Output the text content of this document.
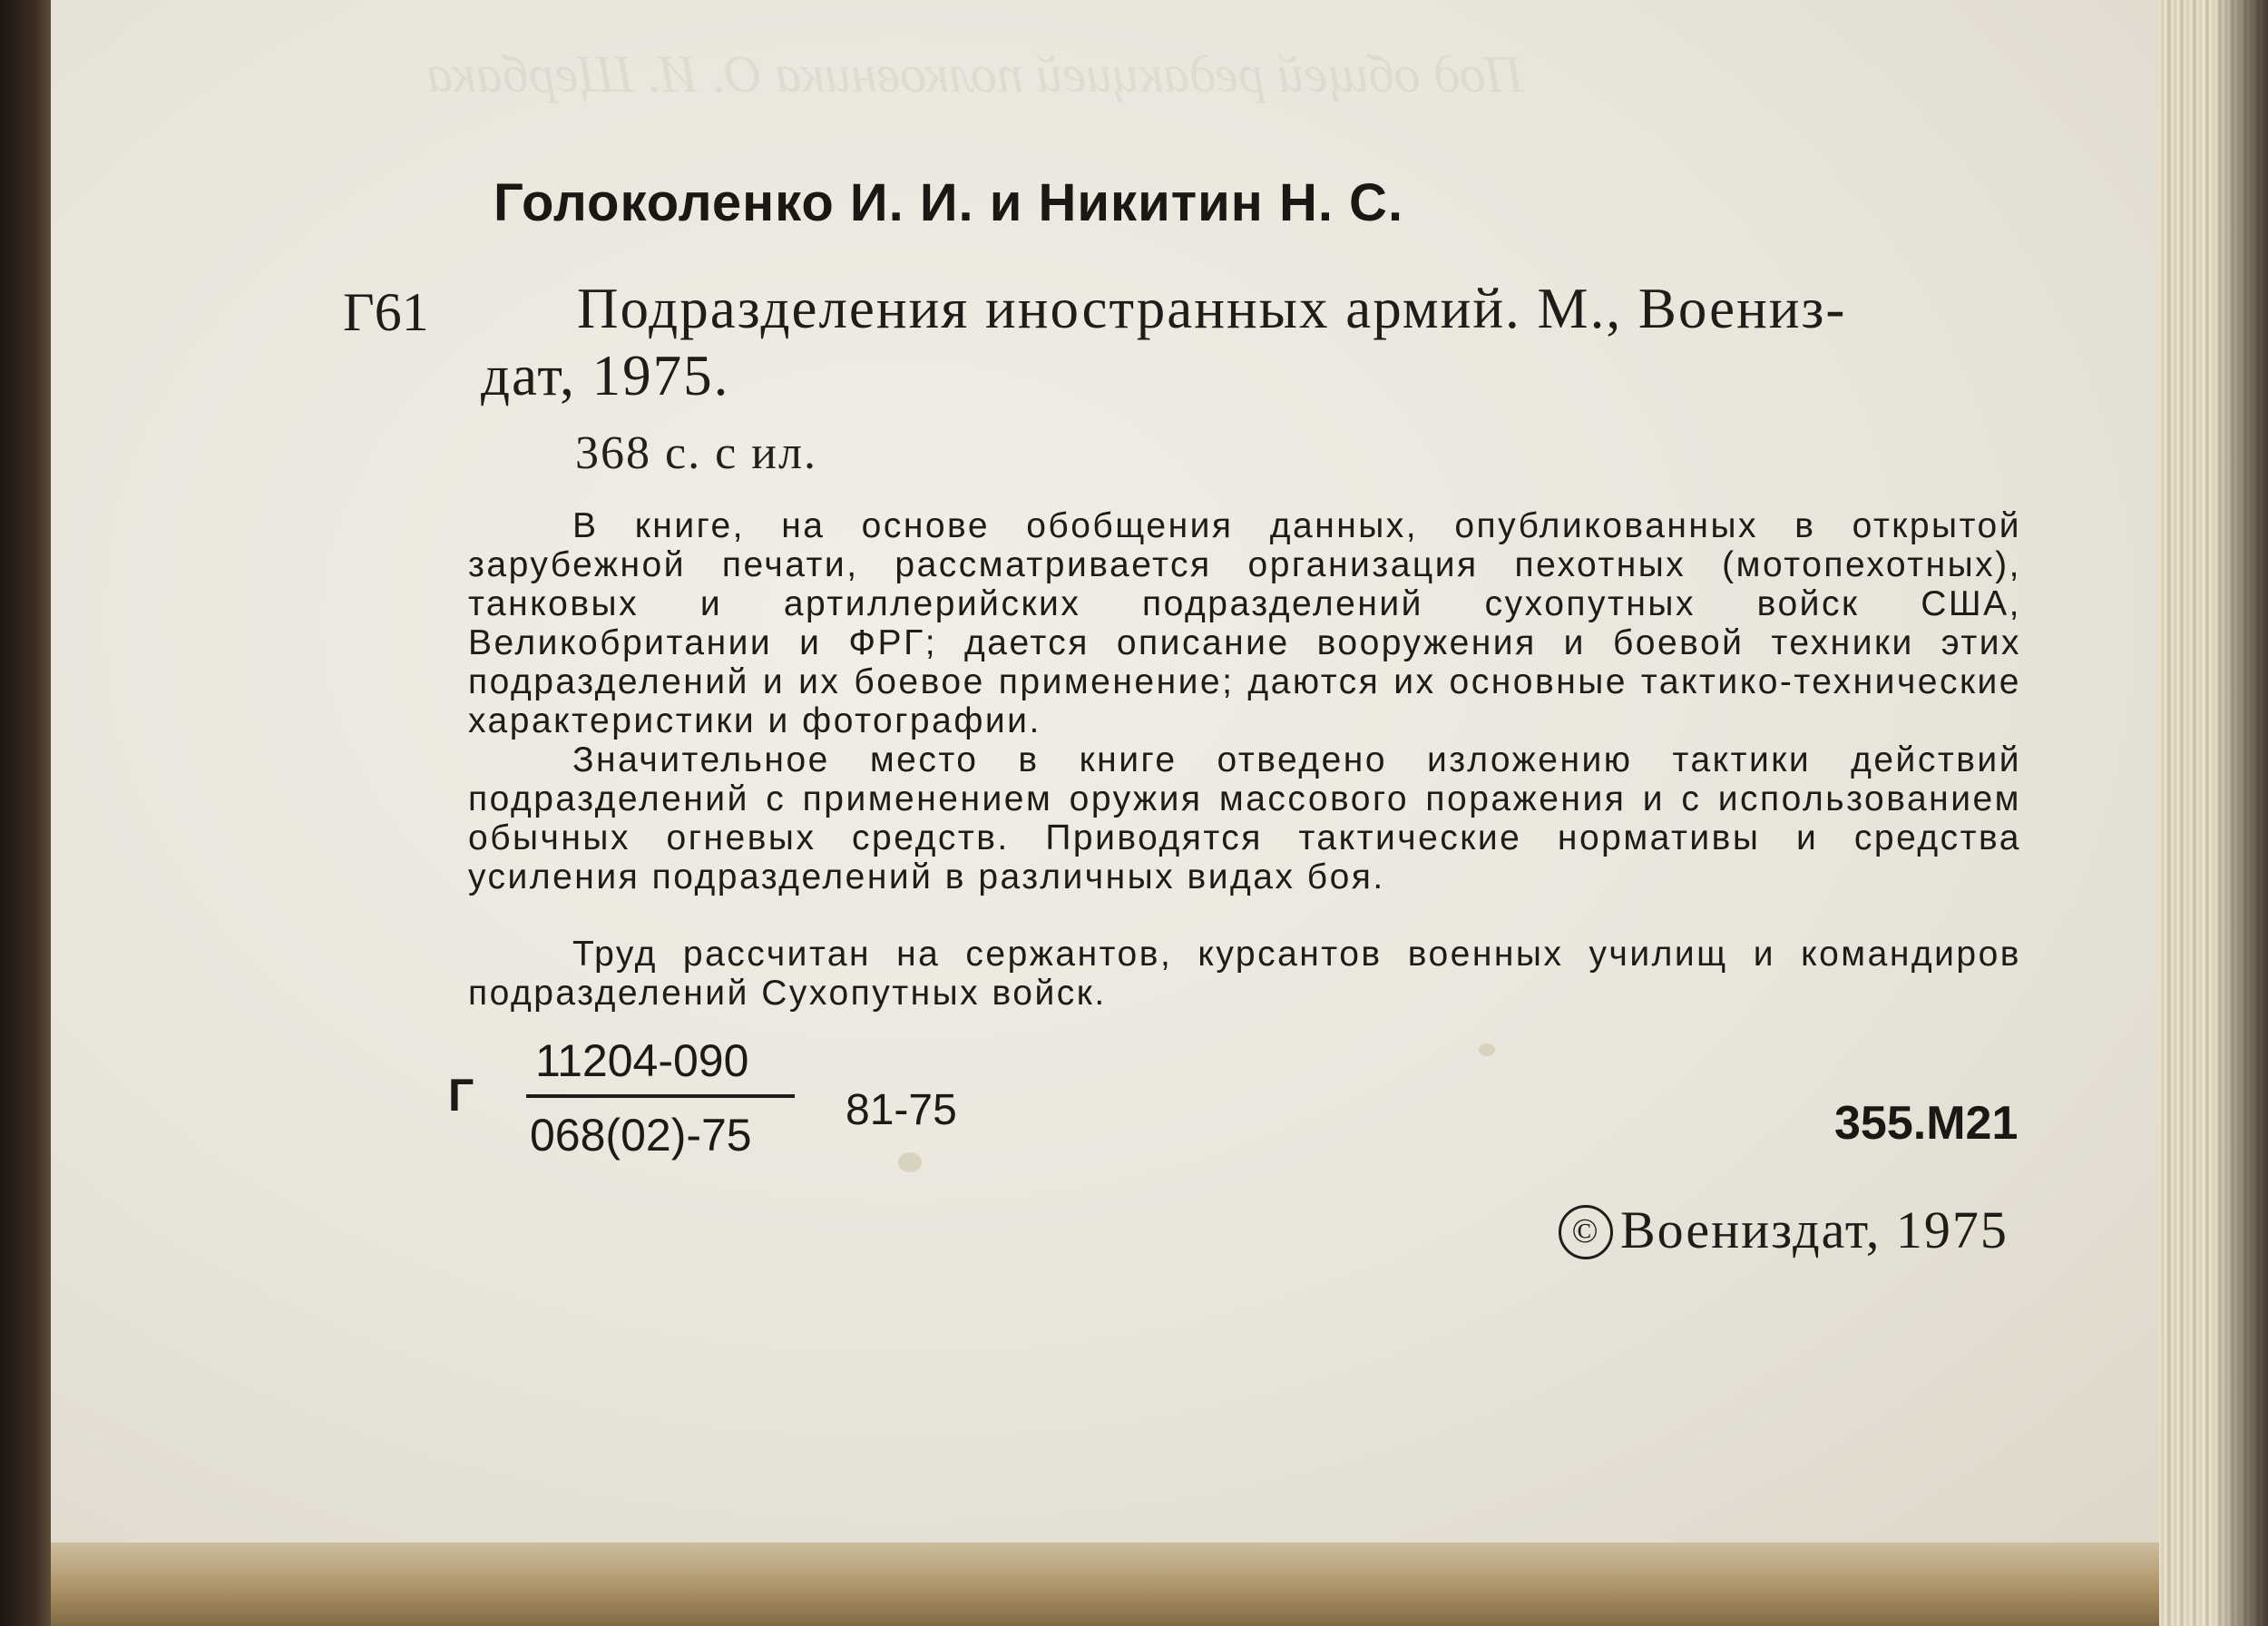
Под общей редакцией полковника О. И. Щербака
Голоколенко И. И. и Никитин Н. С.
Г61	Подразделения иностранных армий. М., Воениз-
дат, 1975.
368 с. с ил.
В книге, на основе обобщения данных, опубликованных в открытой зарубежной печати, рассматривается организация пехотных (мотопехотных), танковых и артиллерийских подразделений сухопутных войск США, Великобритании и ФРГ; дается описание вооружения и боевой техники этих подразделений и их боевое применение; даются их основные тактико-технические характеристики и фотографии.
Значительное место в книге отведено изложению тактики действий подразделений с применением оружия массового поражения и с использованием обычных огневых средств. Приводятся тактические нормативы и средства усиления подразделений в различных видах боя.
Труд рассчитан на сержантов, курсантов военных училищ и командиров подразделений Сухопутных войск.
Г
11204-090
068(02)-75 81-75	355.M21
© Воениздат, 1975
